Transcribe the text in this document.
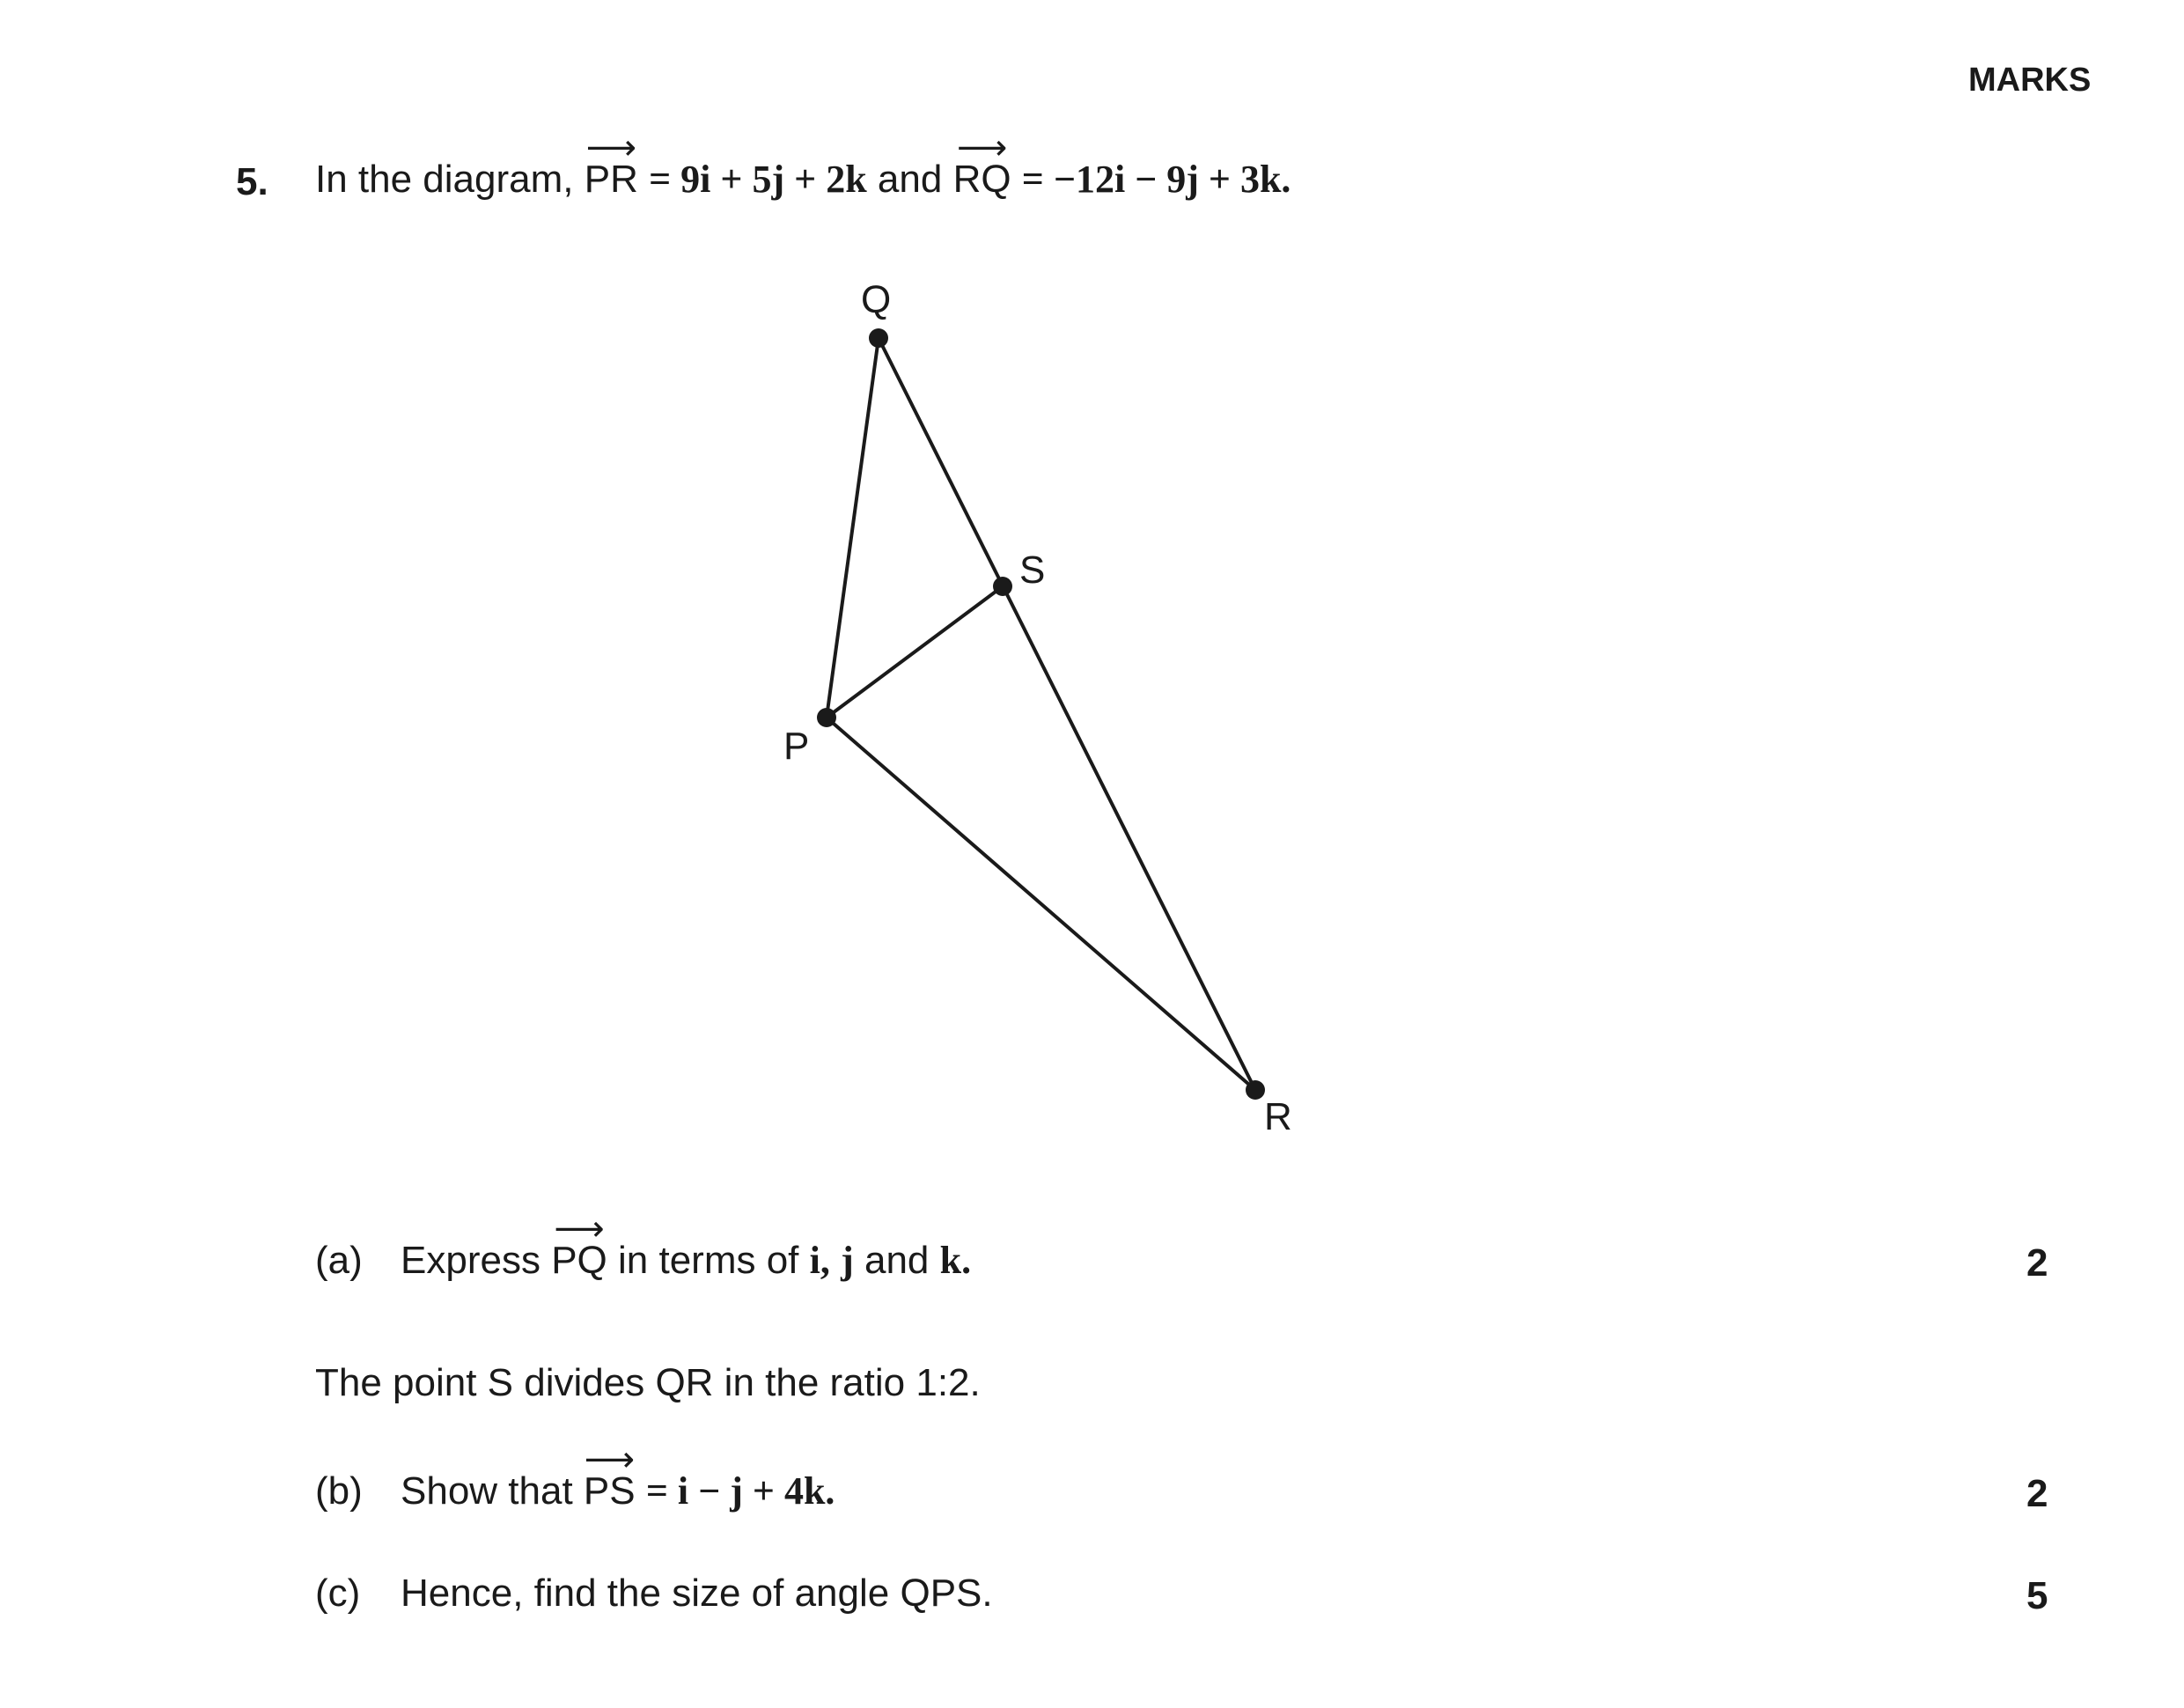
MARKS
5. In the diagram,
⟶
PR = 9i + 5j + 2k and
⟶
RQ = −12i − 9j + 3k.
Q
S
P
R
(a) Express
⟶
PQ in terms of i, j and k.	2
The point S divides QR in the ratio 1:2.
(b) Show that
⟶
PS = i − j + 4k.	2
(c) Hence, find the size of angle QPS.	5
